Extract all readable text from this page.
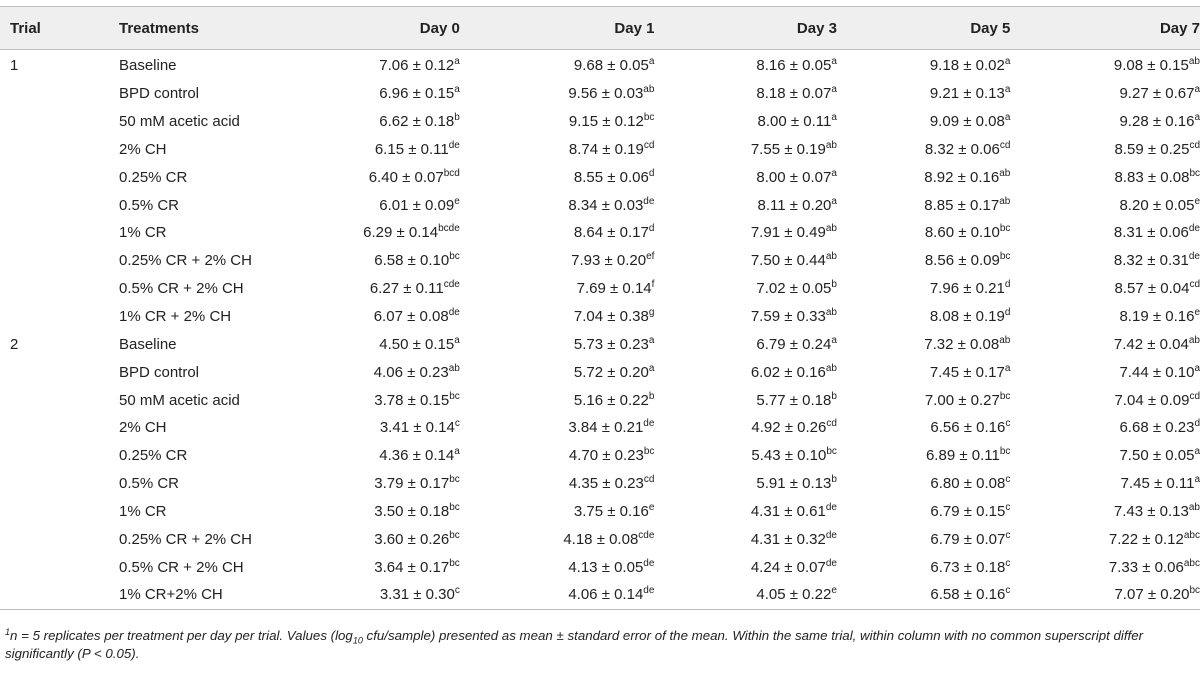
Trial	Treatments	Day 0	Day 1	Day 3	Day 5	Day 7
1	Baseline	7.06 ± 0.12$^a$	9.68 ± 0.05$^a$	8.16 ± 0.05$^a$	9.18 ± 0.02$^a$	9.08 ± 0.15$^{ab}$
	BPD control	6.96 ± 0.15$^a$	9.56 ± 0.03$^{ab}$	8.18 ± 0.07$^a$	9.21 ± 0.13$^a$	9.27 ± 0.67$^a$
	50 mM acetic acid	6.62 ± 0.18$^b$	9.15 ± 0.12$^{bc}$	8.00 ± 0.11$^a$	9.09 ± 0.08$^a$	9.28 ± 0.16$^a$
	2% CH	6.15 ± 0.11de	8.74 ± 0.19$^{cd}$	7.55 ± 0.19$^{ab}$	8.32 ± 0.06$^{cd}$	8.59 ± 0.25$^{cd}$
	0.25% CR	6.40 ± 0.07$^{bcd}$	8.55 ± 0.06$^d$	8.00 ± 0.07$^a$	8.92 ± 0.16$^{ab}$	8.83 ± 0.08$^{bc}$
	0.5% CR	6.01 ± 0.09$^e$	8.34 ± 0.03de	8.11 ± 0.20$^a$	8.85 ± 0.17$^{ab}$	8.20 ± 0.05$^e$
	1% CR	$6.29 \pm 0.14^{bcde}$	8.64 ± 0.17$^d$	7.91 ± 0.49$^{ab}$	8.60 ± 0.10$^{bc}$	8.31 ± 0.06de
	0.25% CR + 2% CH	6.58 ± 0.10$^{bc}$	7.93 ± 0.20$^{ef}$	7.50 ± 0.44$^{ab}$	8.56 ± 0.09$^{bc}$	8.32 ± 0.31de
	0.5% CR + 2% CH	6.27 ± 0.11$^{cde}$	7.69 ± 0.14$^f$	7.02 ± 0.05$^b$	7.96 ± 0.21$^d$	8.57 ± 0.04$^{cd}$
	1% CR + 2% CH	6.07 ± 0.08de	7.04 ± 0.38$^g$	7.59 ± 0.33$^{ab}$	8.08 ± 0.19$^d$	8.19 ± 0.16$^e$
2	Baseline	4.50 ± 0.15$^a$	5.73 ± 0.23$^a$	6.79 ± 0.24$^a$	7.32 ± 0.08$^{ab}$	7.42 ± 0.04$^{ab}$
	BPD control	4.06 ± 0.23$^{ab}$	5.72 ± 0.20$^a$	6.02 ± 0.16$^{ab}$	7.45 ± 0.17$^a$	7.44 ± 0.10$^a$
	50 mM acetic acid	3.78 ± 0.15$^{bc}$	5.16 ± 0.22$^b$	5.77 ± 0.18$^b$	7.00 ± 0.27$^{bc}$	7.04 ± 0.09$^{cd}$
	2% CH	3.41 ± 0.14$^c$	3.84 ± 0.21de	4.92 ± 0.26$^{cd}$	6.56 ± 0.16$^c$	6.68 ± 0.23$^d$
	0.25% CR	4.36 ± 0.14$^a$	4.70 ± 0.23$^{bc}$	5.43 ± 0.10$^{bc}$	6.89 ± 0.11$^{bc}$	7.50 ± 0.05$^a$
	0.5% CR	3.79 ± 0.17$^{bc}$	4.35 ± 0.23$^{cd}$	5.91 ± 0.13$^b$	6.80 ± 0.08$^c$	7.45 ± 0.11$^a$
	1% CR	3.50 ± 0.18$^{bc}$	3.75 ± 0.16$^e$	4.31 ± 0.61de	6.79 ± 0.15$^c$	7.43 ± 0.13$^{ab}$
	0.25% CR + 2% CH	3.60 ± 0.26$^{bc}$	4.18 ± 0.08$^{cde}$	4.31 ± 0.32de	6.79 ± 0.07$^c$	7.22 ± 0.12$^{abc}$
	0.5% CR + 2% CH	3.64 ± 0.17$^{bc}$	4.13 ± 0.05de	4.24 ± 0.07de	6.73 ± 0.18$^c$	7.33 ± 0.06$^{abc}$
	1% CR+2% CH	3.31 ± 0.30$^c$	4.06 ± 0.14de	4.05 ± 0.22$^e$	6.58 ± 0.16$^c$	7.07 ± 0.20$^{bc}$
$^1$n = 5 replicates per treatment per day per trial. Values ($\log_{10}$ cfu/sample) presented as mean ± standard error of the mean. Within the same trial, within column with no common superscript differ significantly (P < 0.05).
